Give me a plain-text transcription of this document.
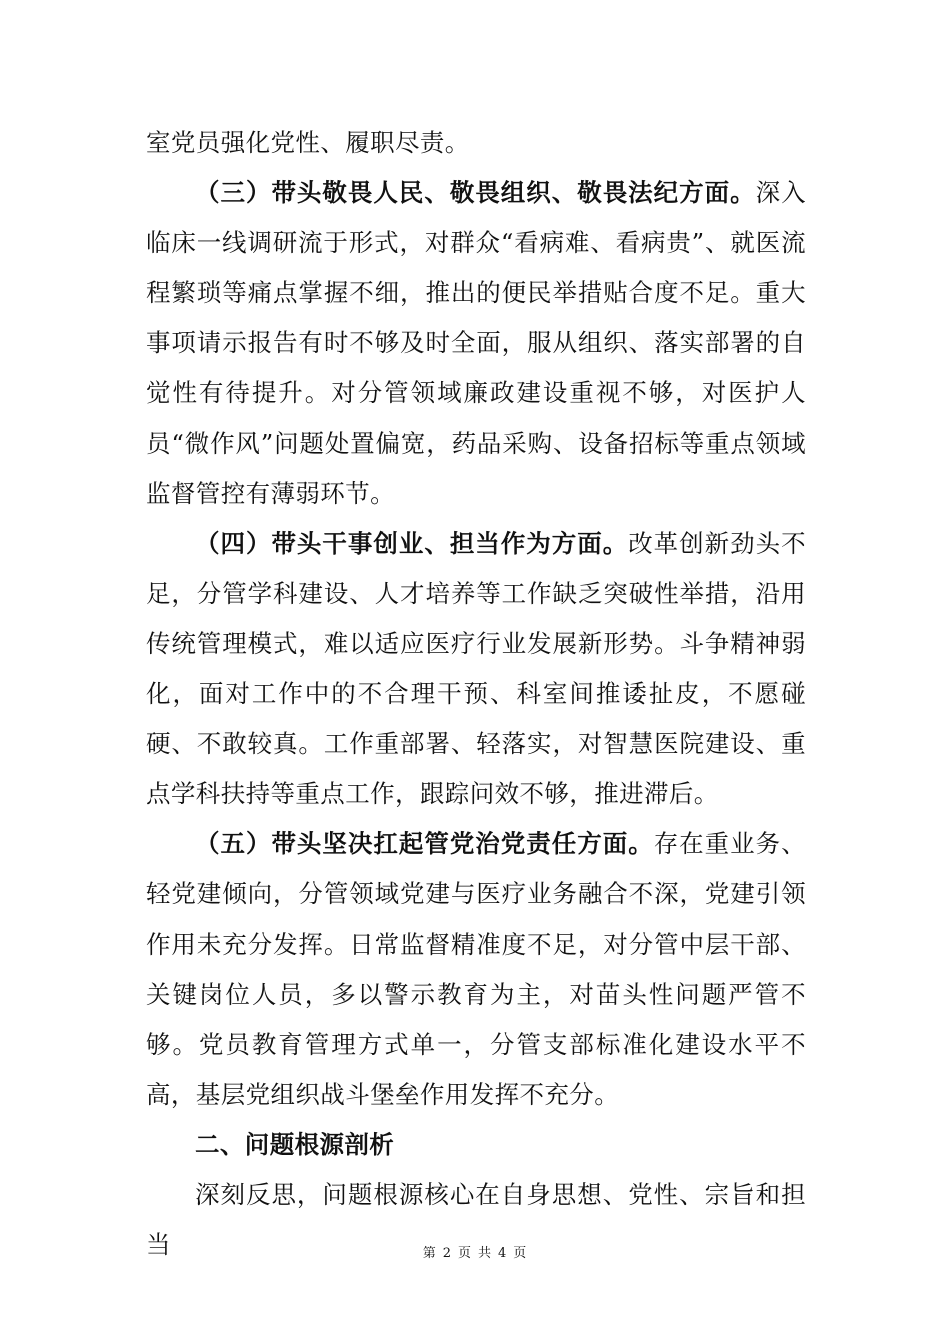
室党员强化党性、履职尽责。

（三）带头敬畏人民、敬畏组织、敬畏法纪方面。深入临床一线调研流于形式，对群众“看病难、看病贵”、就医流程繁琐等痛点掌握不细，推出的便民举措贴合度不足。重大事项请示报告有时不够及时全面，服从组织、落实部署的自觉性有待提升。对分管领域廉政建设重视不够，对医护人员“微作风”问题处置偏宽，药品采购、设备招标等重点领域监督管控有薄弱环节。

（四）带头干事创业、担当作为方面。改革创新劲头不足，分管学科建设、人才培养等工作缺乏突破性举措，沿用传统管理模式，难以适应医疗行业发展新形势。斗争精神弱化，面对工作中的不合理干预、科室间推诿扯皮，不愿碰硬、不敢较真。工作重部署、轻落实，对智慧医院建设、重点学科扶持等重点工作，跟踪问效不够，推进滞后。

（五）带头坚决扛起管党治党责任方面。存在重业务、轻党建倾向，分管领域党建与医疗业务融合不深，党建引领作用未充分发挥。日常监督精准度不足，对分管中层干部、关键岗位人员，多以警示教育为主，对苗头性问题严管不够。党员教育管理方式单一，分管支部标准化建设水平不高，基层党组织战斗堡垒作用发挥不充分。

二、问题根源剖析

深刻反思，问题根源核心在自身思想、党性、宗旨和担当	第 2 页 共 4 页
